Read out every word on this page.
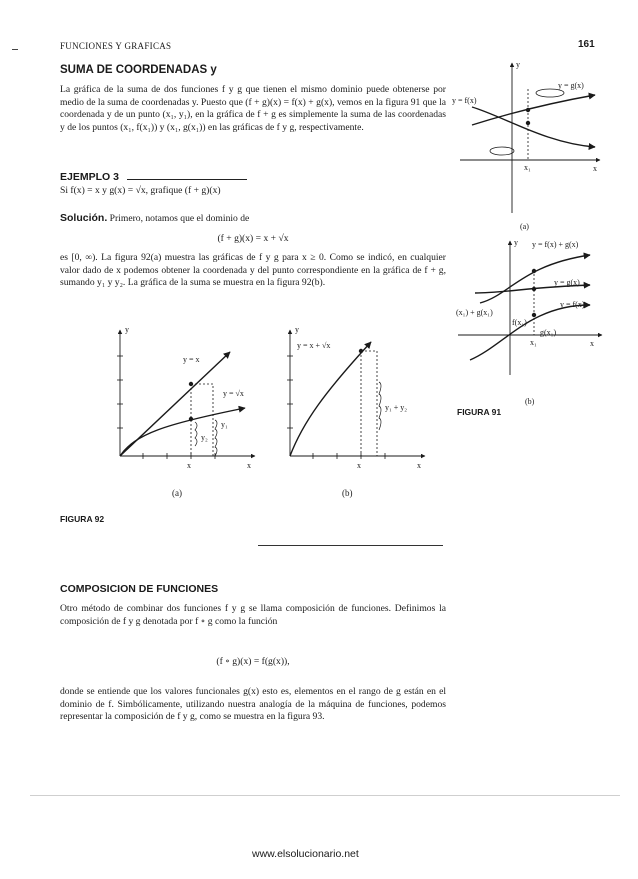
FUNCIONES Y GRAFICAS	161
SUMA DE COORDENADAS y
La gráfica de la suma de dos funciones f y g que tienen el mismo dominio puede obtenerse por medio de la suma de coordenadas y. Puesto que (f + g)(x) = f(x) + g(x), vemos en la figura 91 que la coordenada y de un punto (x₁, y₁), en la gráfica de f + g es simplemente la suma de las coordenadas y de los puntos (x₁, f(x₁)) y (x₁, g(x₁)) en las gráficas de f y g, respectivamente.
EJEMPLO 3
Si f(x) = x y g(x) = √x, grafique (f + g)(x)
Solución. Primero, notamos que el dominio de
(f + g)(x) = x + √x
es [0, ∞). La figura 92(a) muestra las gráficas de f y g para x ≥ 0. Como se indicó, en cualquier valor dado de x podemos obtener la coordenada y del punto correspondiente en la gráfica de f + g, sumando y₁ y y₂. La gráfica de la suma se muestra en la figura 92(b).
y
x
y = g(x)
y = f(x)
x₁
(a)
y
x
y = f(x) + g(x)
y = g(x)
y = f(x)
(x₁) + g(x₁)
f(x₁)
g(x₁)
x₁
(b)
FIGURA 91
y
x
x
y = x
y = √x
y₁
y₂
(a)
y
x
y = x + √x
x
y₁ + y₂
(b)
FIGURA 92
COMPOSICION DE FUNCIONES
Otro método de combinar dos funciones f y g se llama composición de funciones. Definimos la composición de f y g denotada por f ∘ g como la función
(f ∘ g)(x) = f(g(x)),
donde se entiende que los valores funcionales g(x) esto es, elementos en el rango de g están en el dominio de f. Simbólicamente, utilizando nuestra analogía de la máquina de funciones, podemos representar la composición de f y g, como se muestra en la figura 93.
www.elsolucionario.net
